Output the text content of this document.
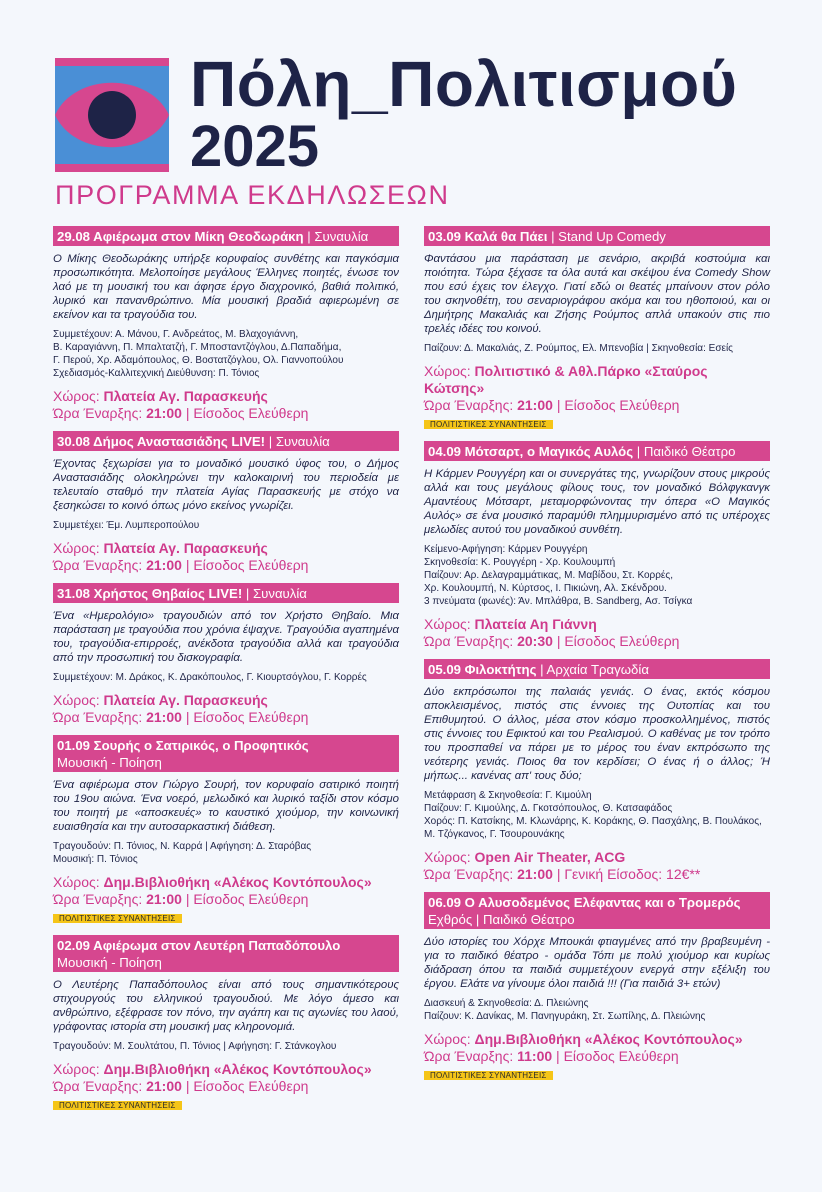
Πόλη_Πολιτισμού
2025
ΠΡΟΓΡΑΜΜΑ ΕΚΔΗΛΩΣΕΩΝ
29.08 Αφιέρωμα στον Μίκη Θεοδωράκη | Συναυλία
Ο Μίκης Θεοδωράκης υπήρξε κορυφαίος συνθέτης και παγκόσμια προσωπικότητα. Μελοποίησε μεγάλους Έλληνες ποιητές, ένωσε τον λαό με τη μουσική του και άφησε έργο διαχρονικό, βαθιά πολιτικό, λυρικό και πανανθρώπινο. Μία μουσική βραδιά αφιερωμένη σε εκείνον και τα τραγούδια του.
Συμμετέχουν: Α. Μάνου, Γ. Ανδρεάτος, Μ. Βλαχογιάννη,
Β. Καραγιάννη, Π. Μπαλτατζή, Γ. Μποσταντζόγλου, Δ.Παπαδήμα,
Γ. Περού, Χρ. Αδαμόπουλος, Θ. Βοστατζόγλου, Ολ. Γιαννοπούλου
Σχεδιασμός-Καλλιτεχνική Διεύθυνση: Π. Τόνιος
Χώρος: Πλατεία Αγ. Παρασκευής
Ώρα Έναρξης: 21:00 | Είσοδος Ελεύθερη
30.08 Δήμος Αναστασιάδης LIVE! | Συναυλία
Έχοντας ξεχωρίσει για το μοναδικό μουσικό ύφος του, ο Δήμος Αναστασιάδης ολοκληρώνει την καλοκαιρινή του περιοδεία με τελευταίο σταθμό την πλατεία Αγίας Παρασκευής με στόχο να ξεσηκώσει το κοινό όπως μόνο εκείνος γνωρίζει.
Συμμετέχει: Έμ. Λυμπεροπούλου
Χώρος: Πλατεία Αγ. Παρασκευής
Ώρα Έναρξης: 21:00 | Είσοδος Ελεύθερη
31.08 Χρήστος Θηβαίος LIVE! | Συναυλία
Ένα «Ημερολόγιο» τραγουδιών από τον Χρήστο Θηβαίο. Μια παράσταση με τραγούδια που χρόνια έψαχνε. Τραγούδια αγαπημένα του, τραγούδια-επιρροές, ανέκδοτα τραγούδια αλλά και τραγούδια από την προσωπική του δισκογραφία.
Συμμετέχουν: Μ. Δράκος, Κ. Δρακόπουλος, Γ. Κιουρτσόγλου, Γ. Κορρές
Χώρος: Πλατεία Αγ. Παρασκευής
Ώρα Έναρξης: 21:00 | Είσοδος Ελεύθερη
01.09 Σουρής ο Σατιρικός, ο Προφητικός
Μουσική - Ποίηση
Ένα αφιέρωμα στον Γιώργο Σουρή, τον κορυφαίο σατιρικό ποιητή του 19ου αιώνα. Ένα νοερό, μελωδικό και λυρικό ταξίδι στον κόσμο του ποιητή με «αποσκευές» το καυστικό χιούμορ, την κοινωνική ευαισθησία και την αυτοσαρκαστική διάθεση.
Τραγουδούν: Π. Τόνιος, Ν. Καρρά | Αφήγηση: Δ. Σταρόβας
Μουσική: Π. Τόνιος
Χώρος: Δημ.Βιβλιοθήκη «Αλέκος Κοντόπουλος»
Ώρα Έναρξης: 21:00 | Είσοδος Ελεύθερη
ΠΟΛΙΤΙΣΤΙΚΕΣ ΣΥΝΑΝΤΗΣΕΙΣ
02.09 Αφιέρωμα στον Λευτέρη Παπαδόπουλο
Μουσική - Ποίηση
Ο Λευτέρης Παπαδόπουλος είναι από τους σημαντικότερους στιχουργούς του ελληνικού τραγουδιού. Με λόγο άμεσο και ανθρώπινο, εξέφρασε τον πόνο, την αγάπη και τις αγωνίες του λαού, γράφοντας ιστορία στη μουσική μας κληρονομιά.
Τραγουδούν: Μ. Σουλτάτου, Π. Τόνιος | Αφήγηση: Γ. Στάνκογλου
Χώρος: Δημ.Βιβλιοθήκη «Αλέκος Κοντόπουλος»
Ώρα Έναρξης: 21:00 | Είσοδος Ελεύθερη
ΠΟΛΙΤΙΣΤΙΚΕΣ ΣΥΝΑΝΤΗΣΕΙΣ
03.09 Καλά θα Πάει | Stand Up Comedy
Φαντάσου μια παράσταση με σενάριο, ακριβά κοστούμια και ποιότητα. Τώρα ξέχασε τα όλα αυτά και σκέψου ένα Comedy Show που εσύ έχεις τον έλεγχο. Γιατί εδώ οι θεατές μπαίνουν στον ρόλο του σκηνοθέτη, του σεναριογράφου ακόμα και του ηθοποιού, και οι Δημήτρης Μακαλιάς και Ζήσης Ρούμπος απλά υπακούν στις πιο τρελές ιδέες του κοινού.
Παίζουν: Δ. Μακαλιάς, Ζ. Ρούμπος, Ελ. Μπενοβία | Σκηνοθεσία: Εσείς
Χώρος: Πολιτιστικό & Αθλ.Πάρκο «Σταύρος Κώτσης»
Ώρα Έναρξης: 21:00 | Είσοδος Ελεύθερη
ΠΟΛΙΤΙΣΤΙΚΕΣ ΣΥΝΑΝΤΗΣΕΙΣ
04.09 Μότσαρτ, ο Μαγικός Αυλός | Παιδικό Θέατρο
Η Κάρμεν Ρουγγέρη και οι συνεργάτες της, γνωρίζουν στους μικρούς αλλά και τους μεγάλους φίλους τους, τον μοναδικό Βόλφγκανγκ Αμαντέους Μότσαρτ, μεταμορφώνοντας την όπερα «Ο Μαγικός Αυλός» σε ένα μουσικό παραμύθι πλημμυρισμένο από τις υπέροχες μελωδίες αυτού του μοναδικού συνθέτη.
Κείμενο-Αφήγηση: Κάρμεν Ρουγγέρη
Σκηνοθεσία: Κ. Ρουγγέρη - Χρ. Κουλουμπή
Παίζουν: Αρ. Δελαγραμμάτικας, Μ. Μαβίδου, Στ. Κορρές,
Χρ. Κουλουμπή, Ν. Κύρτσος, Ι. Πικιώνη, Αλ. Σκένδρου.
3 πνεύματα (φωνές): Άν. Μπλάθρα, Β. Sandberg, Ασ. Τσίγκα
Χώρος: Πλατεία Αη Γιάννη
Ώρα Έναρξης: 20:30 | Είσοδος Ελεύθερη
05.09 Φιλοκτήτης | Αρχαία Τραγωδία
Δύο εκπρόσωποι της παλαιάς γενιάς. Ο ένας, εκτός κόσμου αποκλεισμένος, πιστός στις έννοιες της Ουτοπίας και του Επιθυμητού. Ο άλλος, μέσα στον κόσμο προσκολλημένος, πιστός στις έννοιες του Εφικτού και του Ρεαλισμού. Ο καθένας με τον τρόπο του προσπαθεί να πάρει με το μέρος του έναν εκπρόσωπο της νεότερης γενιάς. Ποιος θα τον κερδίσει; Ο ένας ή ο άλλος; Ή μήπως... κανένας απ' τους δύο;
Μετάφραση & Σκηνοθεσία: Γ. Κιμούλη
Παίζουν: Γ. Κιμούλης, Δ. Γκοτσόπουλος, Θ. Κατσαφάδος
Χορός: Π. Κατσίκης, Μ. Κλωνάρης, Κ. Κοράκης, Θ. Πασχάλης, Β. Πουλάκος, Μ. Τζόγκανος, Γ. Τσουρουνάκης
Χώρος: Open Air Theater, ACG
Ώρα Έναρξης: 21:00 | Γενική Είσοδος: 12€**
06.09 Ο Αλυσοδεμένος Ελέφαντας και ο Τρομερός
Εχθρός | Παιδικό Θέατρο
Δύο ιστορίες του Χόρχε Μπουκάι φτιαγμένες από την βραβευμένη - για το παιδικό θέατρο - ομάδα Τόπι με πολύ χιούμορ και κυρίως διάδραση όπου τα παιδιά συμμετέχουν ενεργά στην εξέλιξη του έργου. Ελάτε να γίνουμε όλοι παιδιά !!! (Για παιδιά 3+ ετών)
Διασκευή & Σκηνοθεσία: Δ. Πλειώνης
Παίζουν: Κ. Δανίκας, Μ. Πανηγυράκη, Στ. Σωπίλης, Δ. Πλειώνης
Χώρος: Δημ.Βιβλιοθήκη «Αλέκος Κοντόπουλος»
Ώρα Έναρξης: 11:00 | Είσοδος Ελεύθερη
ΠΟΛΙΤΙΣΤΙΚΕΣ ΣΥΝΑΝΤΗΣΕΙΣ
